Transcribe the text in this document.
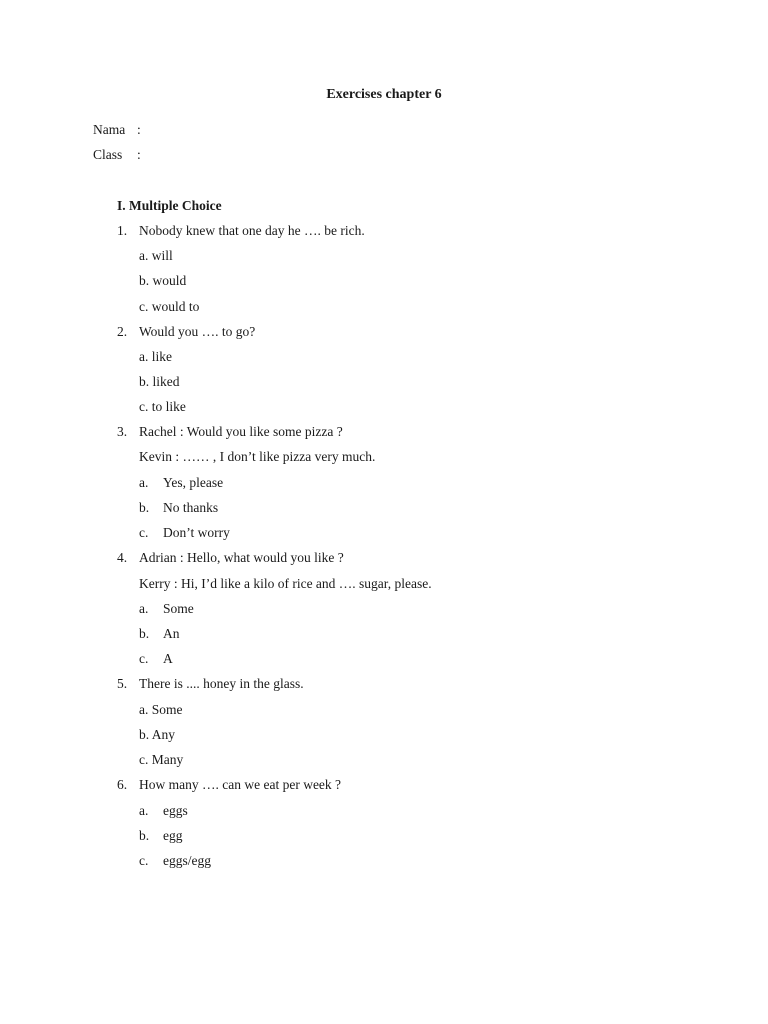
Exercises chapter 6
Nama :
Class :
I. Multiple Choice
1. Nobody knew that one day he …. be rich.
a. will
b. would
c. would to
2. Would you …. to go?
a. like
b. liked
c. to like
3. Rachel : Would you like some pizza ?
Kevin : …… , I don’t like pizza very much.
a. Yes, please
b. No thanks
c. Don’t worry
4. Adrian : Hello, what would you like ?
Kerry : Hi, I’d like a kilo of rice and …. sugar, please.
a. Some
b. An
c. A
5. There is .... honey in the glass.
a. Some
b. Any
c. Many
6. How many …. can we eat per week ?
a. eggs
b. egg
c. eggs/egg
